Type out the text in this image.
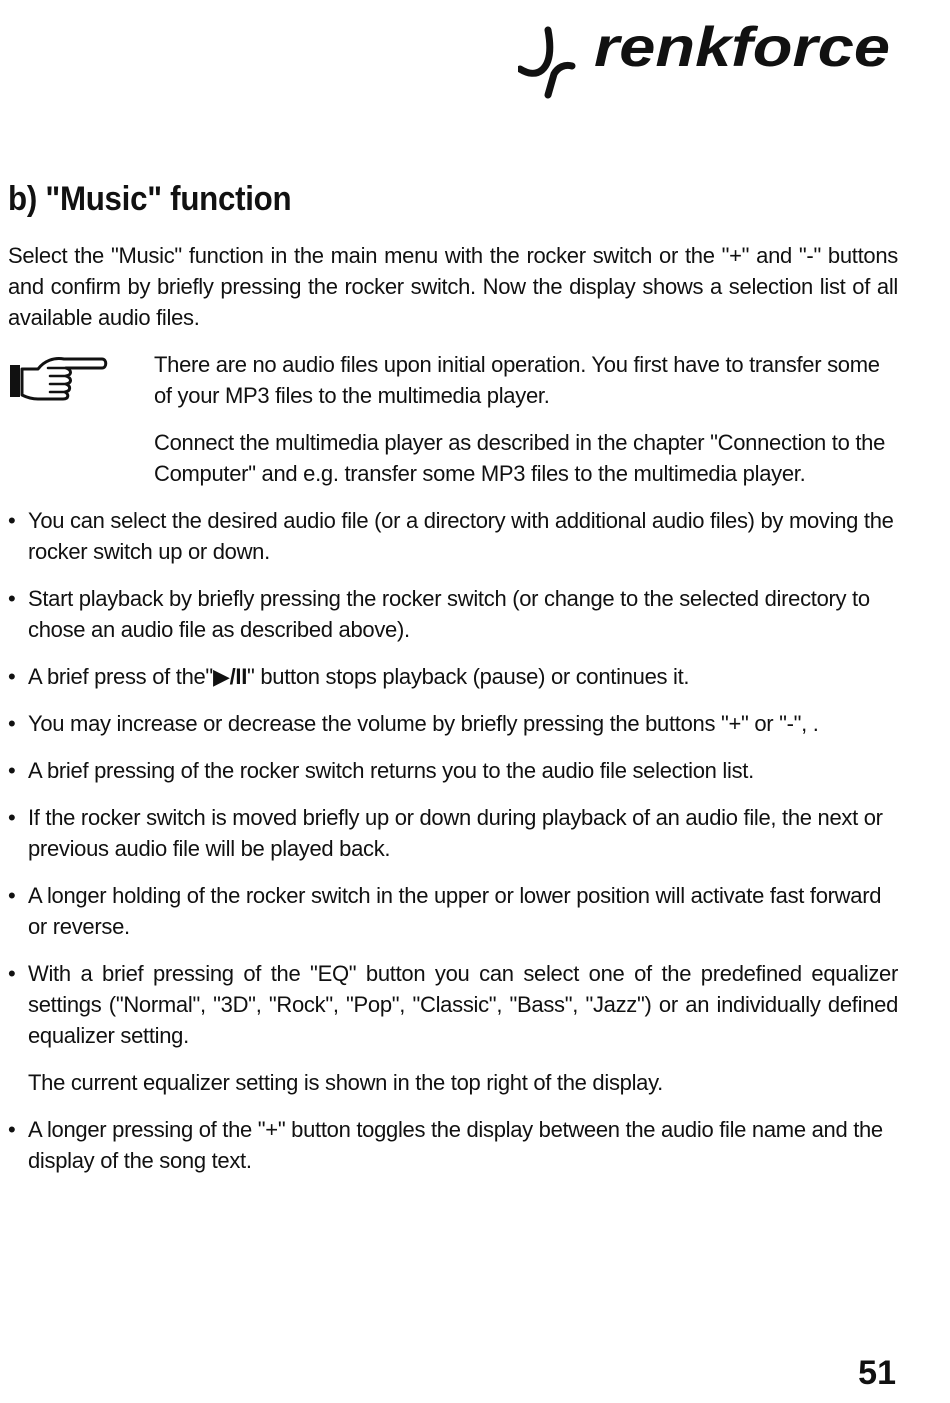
renkforce
b) "Music" function

Select the "Music" function in the main menu with the rocker switch or the "+" and "-" buttons and confirm by briefly pressing the rocker switch. Now the display shows a selection list of all available audio files.

There are no audio files upon initial operation. You first have to transfer some of your MP3 files to the multimedia player.

Connect the multimedia player as described in the chapter "Connection to the Computer" and e.g. transfer some MP3 files to the multimedia player.

• You can select the desired audio file (or a directory with additional audio files) by moving the rocker switch up or down.
• Start playback by briefly pressing the rocker switch (or change to the selected directory to chose an audio file as described above).
• A brief press of the"▶/II" button stops playback (pause) or continues it.
• You may increase or decrease the volume by briefly pressing the buttons "+" or "-", .
• A brief pressing of the rocker switch returns you to the audio file selection list.
• If the rocker switch is moved briefly up or down during playback of an audio file, the next or previous audio file will be played back.
• A longer holding of the rocker switch in the upper or lower position will activate fast forward or reverse.
• With a brief pressing of the "EQ" button you can select one of the predefined equalizer settings ("Normal", "3D", "Rock", "Pop", "Classic", "Bass", "Jazz") or an individually defined equalizer setting.

The current equalizer setting is shown in the top right of the display.

• A longer pressing of the "+" button toggles the display between the audio file name and the display of the song text.
51
